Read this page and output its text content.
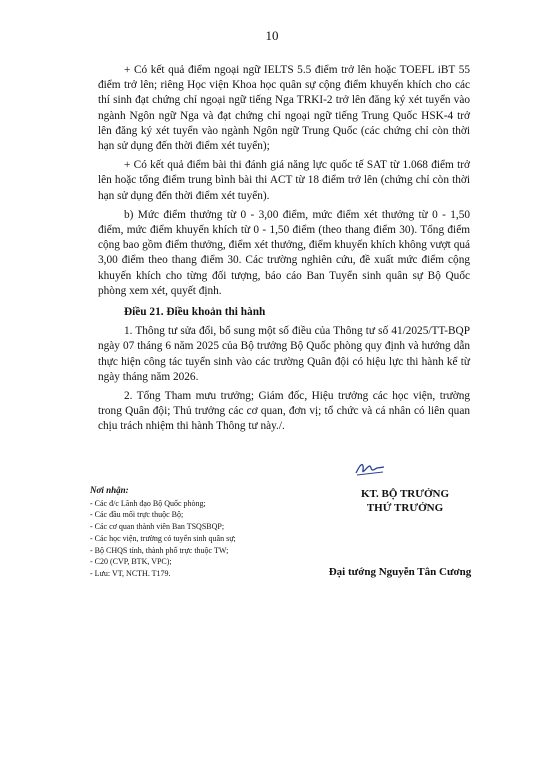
10

+ Có kết quả điểm ngoại ngữ IELTS 5.5 điểm trở lên hoặc TOEFL iBT 55 điểm trở lên; riêng Học viện Khoa học quân sự cộng điểm khuyến khích cho các thí sinh đạt chứng chỉ ngoại ngữ tiếng Nga TRKI-2 trở lên đăng ký xét tuyển vào ngành Ngôn ngữ Nga và đạt chứng chỉ ngoại ngữ tiếng Trung Quốc HSK-4 trở lên đăng ký xét tuyển vào ngành Ngôn ngữ Trung Quốc (các chứng chỉ còn thời hạn sử dụng đến thời điểm xét tuyển);

+ Có kết quả điểm bài thi đánh giá năng lực quốc tế SAT từ 1.068 điểm trở lên hoặc tổng điểm trung bình bài thi ACT từ 18 điểm trở lên (chứng chỉ còn thời hạn sử dụng đến thời điểm xét tuyển).

b) Mức điểm thưởng từ 0 - 3,00 điểm, mức điểm xét thưởng từ 0 - 1,50 điểm, mức điểm khuyến khích từ 0 - 1,50 điểm (theo thang điểm 30). Tổng điểm cộng bao gồm điểm thưởng, điểm xét thưởng, điểm khuyến khích không vượt quá 3,00 điểm theo thang điểm 30. Các trường nghiên cứu, đề xuất mức điểm cộng khuyến khích cho từng đối tượng, báo cáo Ban Tuyển sinh quân sự Bộ Quốc phòng xem xét, quyết định.

Điều 21. Điều khoản thi hành

1. Thông tư sửa đổi, bổ sung một số điều của Thông tư số 41/2025/TT-BQP ngày 07 tháng 6 năm 2025 của Bộ trưởng Bộ Quốc phòng quy định và hướng dẫn thực hiện công tác tuyển sinh vào các trường Quân đội có hiệu lực thi hành kể từ ngày tháng năm 2026.

2. Tổng Tham mưu trưởng; Giám đốc, Hiệu trưởng các học viện, trường trong Quân đội; Thủ trưởng các cơ quan, đơn vị; tổ chức và cá nhân có liên quan chịu trách nhiệm thi hành Thông tư này./.

Nơi nhận:
- Các đ/c Lãnh đạo Bộ Quốc phòng;
- Các đầu mối trực thuộc Bộ;
- Các cơ quan thành viên Ban TSQSBQP;
- Các học viện, trường có tuyển sinh quân sự;
- Bộ CHQS tỉnh, thành phố trực thuộc TW;
- C20 (CVP, BTK, VPC);
- Lưu: VT, NCTH. T179.
KT. BỘ TRƯỞNG
THỨ TRƯỞNG
Đại tướng Nguyễn Tân Cương
